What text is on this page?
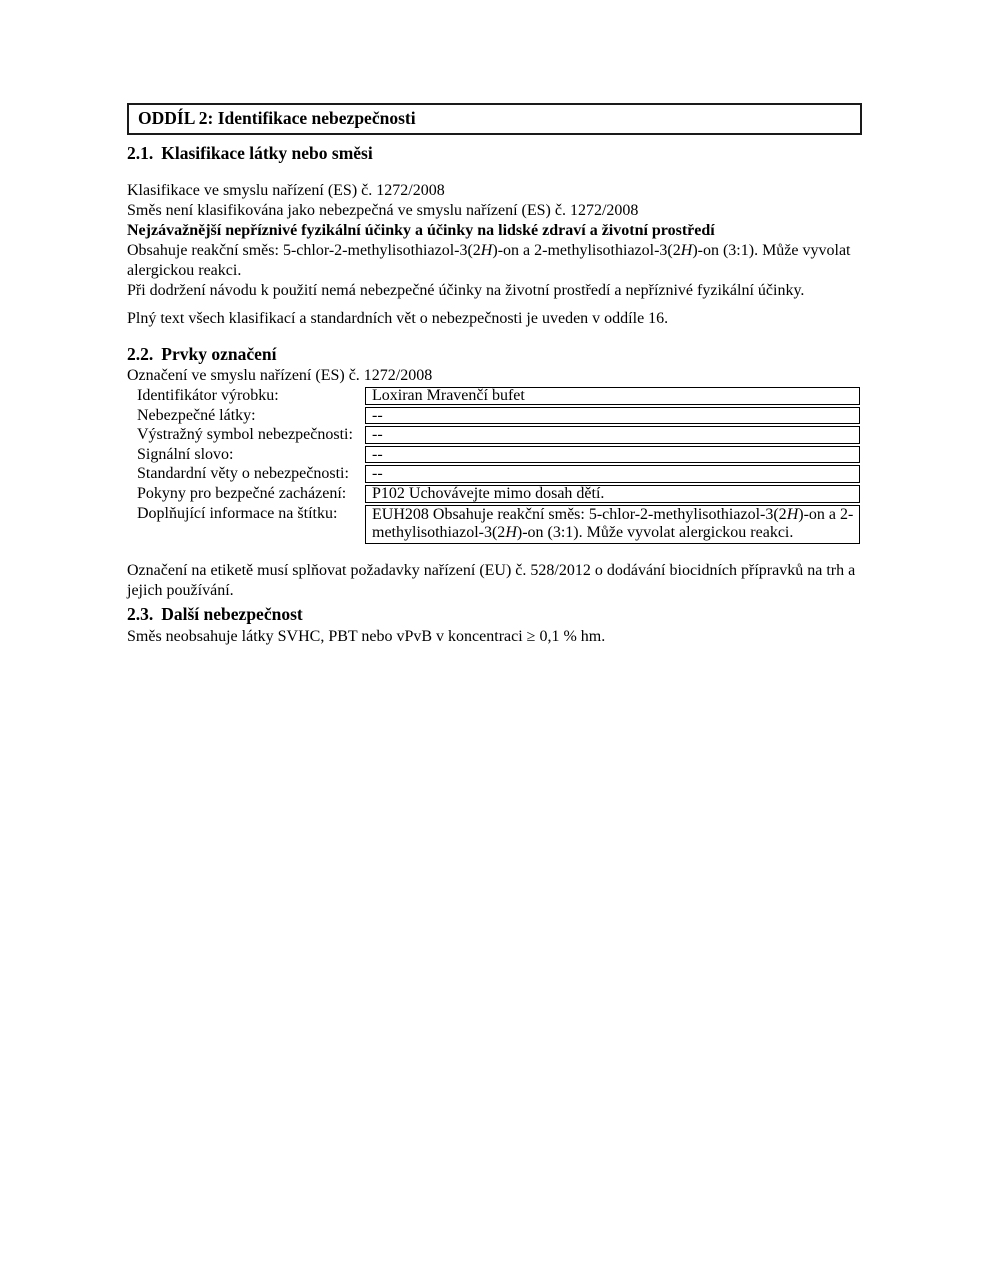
ODDÍL 2: Identifikace nebezpečnosti
2.1. Klasifikace látky nebo směsi
Klasifikace ve smyslu nařízení (ES) č. 1272/2008
Směs není klasifikována jako nebezpečná ve smyslu nařízení (ES) č. 1272/2008
Nejzávažnější nepříznivé fyzikální účinky a účinky na lidské zdraví a životní prostředí
Obsahuje reakční směs: 5-chlor-2-methylisothiazol-3(2H)-on a 2-methylisothiazol-3(2H)-on (3:1). Může vyvolat alergickou reakci.
Při dodržení návodu k použití nemá nebezpečné účinky na životní prostředí a nepříznivé fyzikální účinky.
Plný text všech klasifikací a standardních vět o nebezpečnosti je uveden v oddíle 16.
2.2. Prvky označení
Označení ve smyslu nařízení (ES) č. 1272/2008
Identifikátor výrobku:	Loxiran Mravenčí bufet
Nebezpečné látky:	--
Výstražný symbol nebezpečnosti:	--
Signální slovo:	--
Standardní věty o nebezpečnosti:	--
Pokyny pro bezpečné zacházení:	P102 Uchovávejte mimo dosah dětí.
Doplňující informace na štítku:	EUH208 Obsahuje reakční směs: 5-chlor-2-methylisothiazol-3(2H)-on a 2-methylisothiazol-3(2H)-on (3:1). Může vyvolat alergickou reakci.
Označení na etiketě musí splňovat požadavky nařízení (EU) č. 528/2012 o dodávání biocidních přípravků na trh a jejich používání.
2.3. Další nebezpečnost
Směs neobsahuje látky SVHC, PBT nebo vPvB v koncentraci ≥ 0,1 % hm.
